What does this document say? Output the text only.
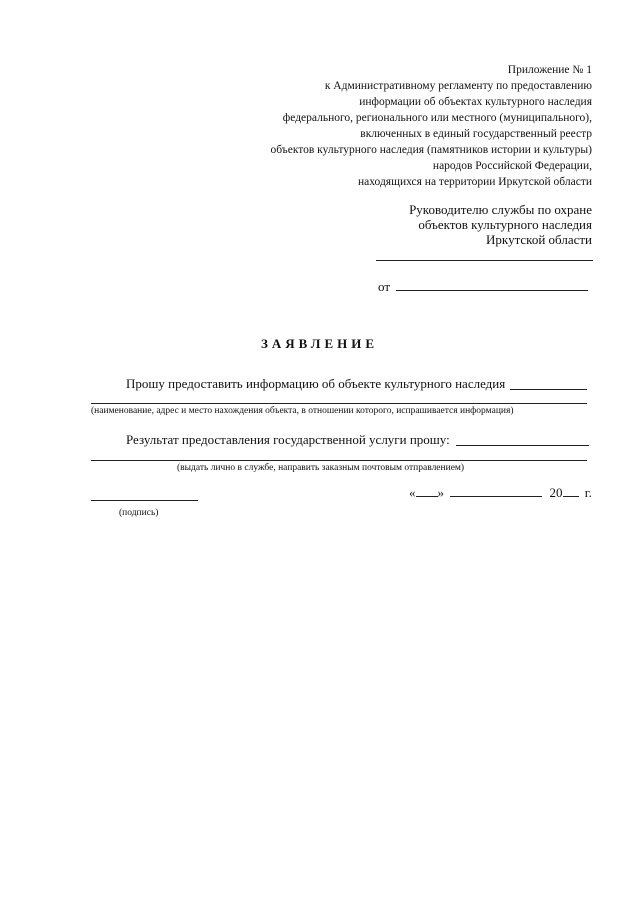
Приложение № 1
к Административному регламенту по предоставлению
информации об объектах культурного наследия
федерального, регионального или местного (муниципального),
включенных в единый государственный реестр
объектов культурного наследия (памятников истории и культуры)
народов Российской Федерации,
находящихся на территории Иркутской области
Руководителю службы по охране
объектов культурного наследия
Иркутской области
от
ЗАЯВЛЕНИЕ
Прошу предоставить информацию об объекте культурного наследия
(наименование, адрес и место нахождения объекта, в отношении которого, испрашивается информация)
Результат предоставления государственной услуги прошу:
(выдать лично в службе, направить заказным почтовым отправлением)
(подпись)
« »	20 г.
